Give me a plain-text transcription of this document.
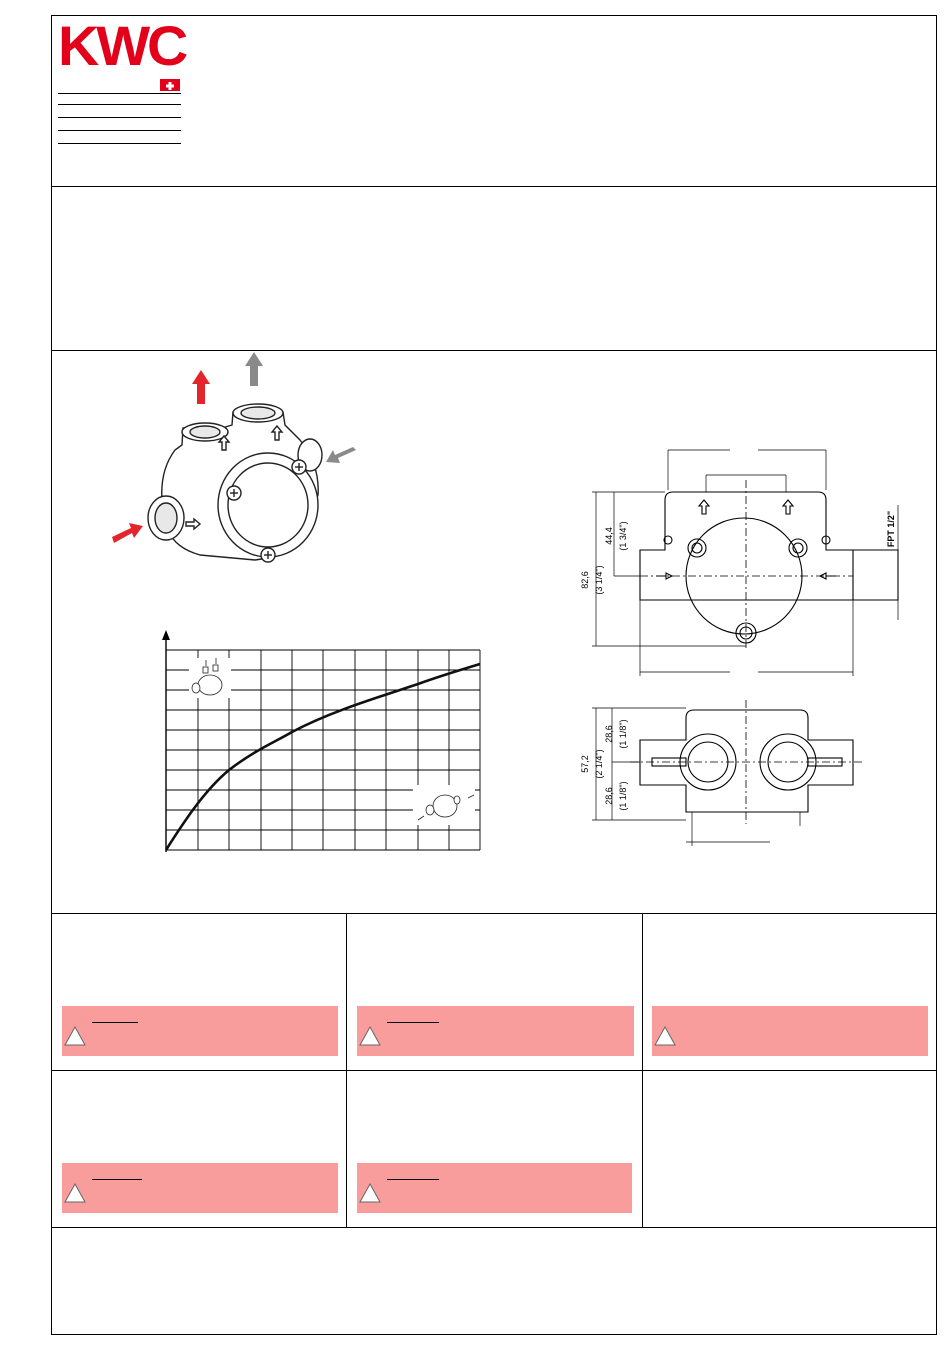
KWC
82,6 (3 1/4")
44,4 (1 3/4")	FPT 1/2"
57,2 (2 1/4")
28,6 (1 1/8")
28,6 (1 1/8")
